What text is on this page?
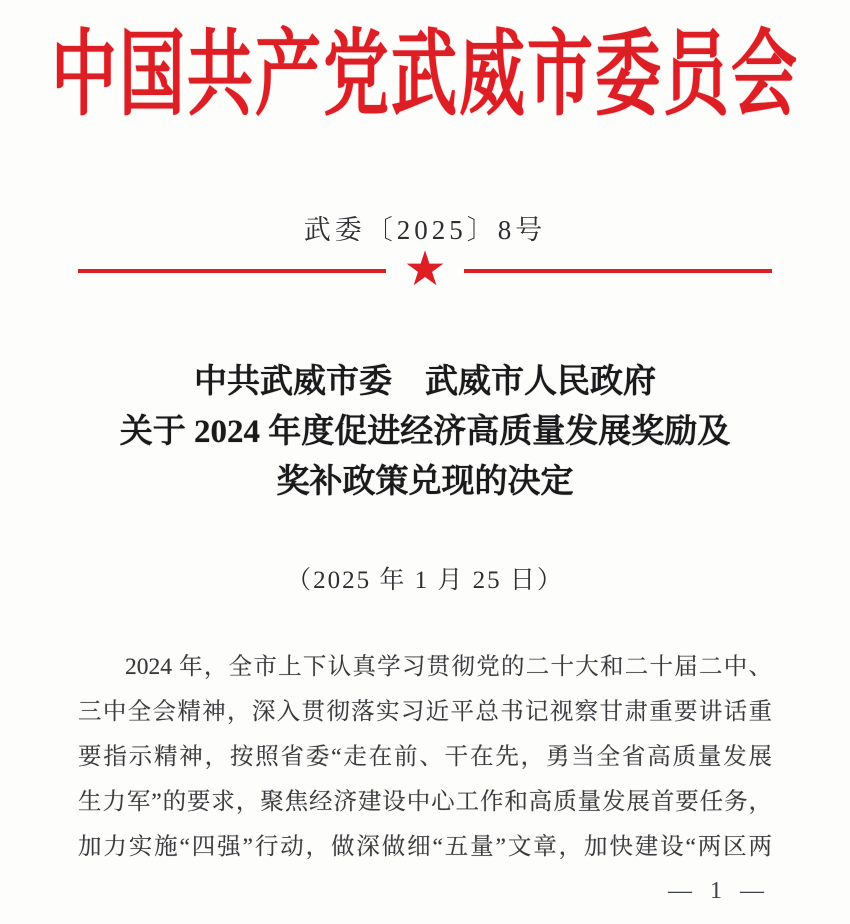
中国共产党武威市委员会
武委〔2025〕8号
★
中共武威市委　武威市人民政府
关于 2024 年度促进经济高质量发展奖励及
奖补政策兑现的决定
（2025 年 1 月 25 日）
2024 年，全市上下认真学习贯彻党的二十大和二十届二中、
三中全会精神，深入贯彻落实习近平总书记视察甘肃重要讲话重
要指示精神，按照省委“走在前、干在先，勇当全省高质量发展
生力军”的要求，聚焦经济建设中心工作和高质量发展首要任务，
加力实施“四强”行动，做深做细“五量”文章，加快建设“两区两
— 1 —
